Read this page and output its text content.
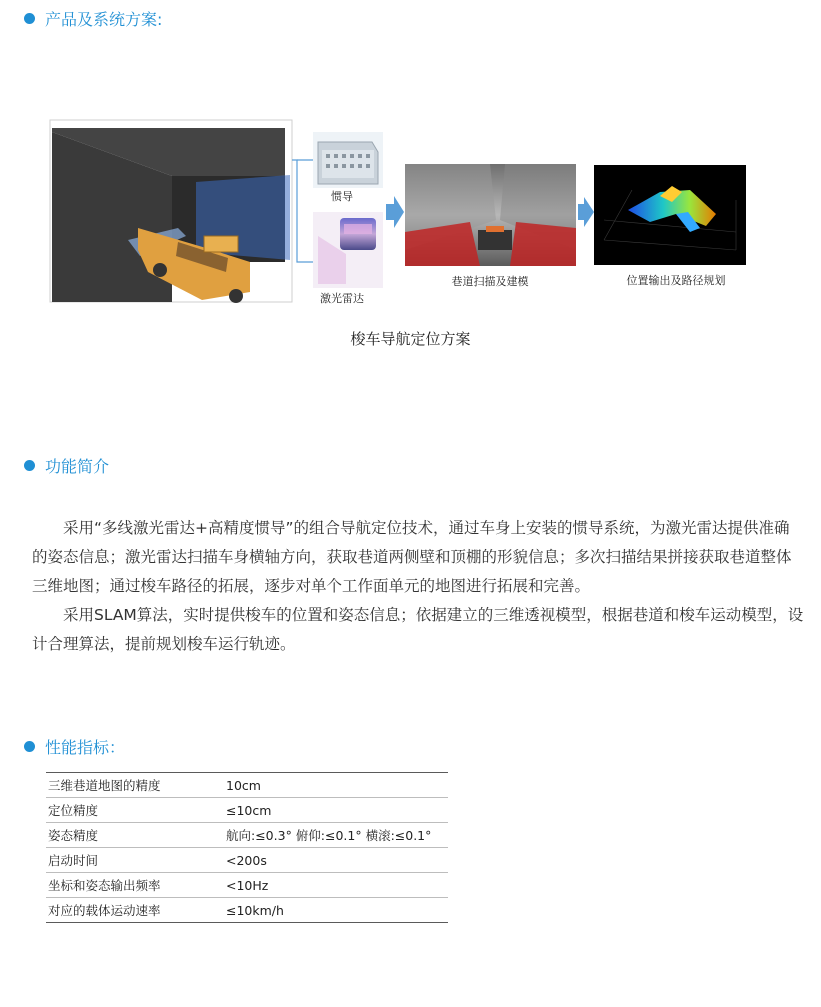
产品及系统方案:
惯导
激光雷达
巷道扫描及建模	位置输出及路径规划
梭车导航定位方案
功能简介

采用“多线激光雷达+高精度惯导”的组合导航定位技术，通过车身上安装的惯导系统，为激光雷达提供准确的姿态信息；激光雷达扫描车身横轴方向，获取巷道两侧壁和顶棚的形貌信息；多次扫描结果拼接获取巷道整体三维地图；通过梭车路径的拓展，逐步对单个工作面单元的地图进行拓展和完善。

采用SLAM算法，实时提供梭车的位置和姿态信息；依据建立的三维透视模型，根据巷道和梭车运动模型，设计合理算法，提前规划梭车运行轨迹。

性能指标：
三维巷道地图的精度	10cm
定位精度	≤10cm
姿态精度	航向:≤0.3° 俯仰:≤0.1° 横滚:≤0.1°
启动时间	<200s
坐标和姿态输出频率	<10Hz
对应的载体运动速率	≤10km/h
